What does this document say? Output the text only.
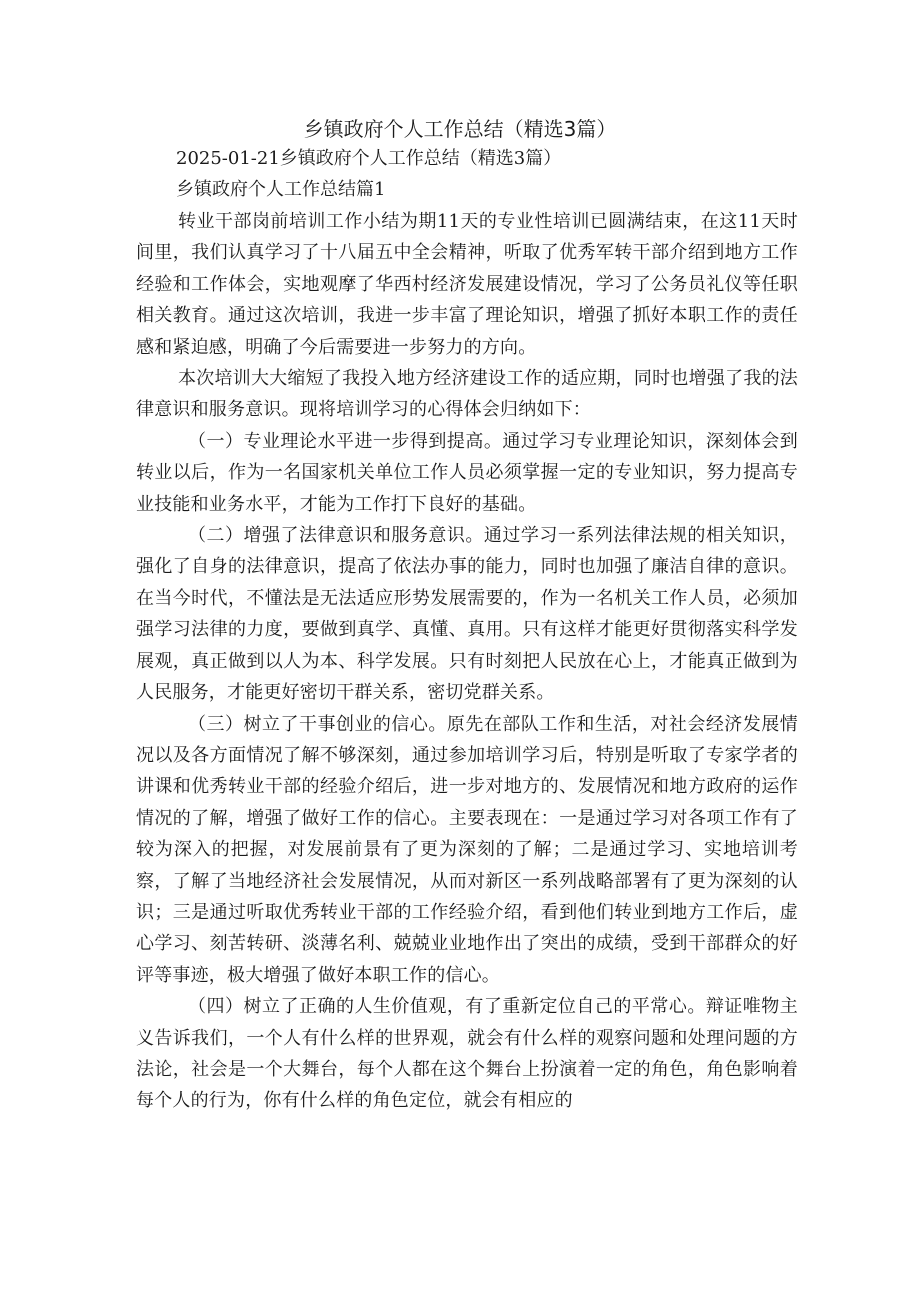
乡镇政府个人工作总结（精选3篇）
2025-01-21乡镇政府个人工作总结（精选3篇）
乡镇政府个人工作总结篇1

转业干部岗前培训工作小结为期11天的专业性培训已圆满结束，在这11天时间里，我们认真学习了十八届五中全会精神，听取了优秀军转干部介绍到地方工作经验和工作体会，实地观摩了华西村经济发展建设情况，学习了公务员礼仪等任职相关教育。通过这次培训，我进一步丰富了理论知识，增强了抓好本职工作的责任感和紧迫感，明确了今后需要进一步努力的方向。

本次培训大大缩短了我投入地方经济建设工作的适应期，同时也增强了我的法律意识和服务意识。现将培训学习的心得体会归纳如下：

（一）专业理论水平进一步得到提高。通过学习专业理论知识，深刻体会到转业以后，作为一名国家机关单位工作人员必须掌握一定的专业知识，努力提高专业技能和业务水平，才能为工作打下良好的基础。

（二）增强了法律意识和服务意识。通过学习一系列法律法规的相关知识，强化了自身的法律意识，提高了依法办事的能力，同时也加强了廉洁自律的意识。在当今时代，不懂法是无法适应形势发展需要的，作为一名机关工作人员，必须加强学习法律的力度，要做到真学、真懂、真用。只有这样才能更好贯彻落实科学发展观，真正做到以人为本、科学发展。只有时刻把人民放在心上，才能真正做到为人民服务，才能更好密切干群关系，密切党群关系。

（三）树立了干事创业的信心。原先在部队工作和生活，对社会经济发展情况以及各方面情况了解不够深刻，通过参加培训学习后，特别是听取了专家学者的讲课和优秀转业干部的经验介绍后，进一步对地方的、发展情况和地方政府的运作情况的了解，增强了做好工作的信心。主要表现在：一是通过学习对各项工作有了较为深入的把握，对发展前景有了更为深刻的了解；二是通过学习、实地培训考察，了解了当地经济社会发展情况，从而对新区一系列战略部署有了更为深刻的认识；三是通过听取优秀转业干部的工作经验介绍，看到他们转业到地方工作后，虚心学习、刻苦转研、淡薄名利、兢兢业业地作出了突出的成绩，受到干部群众的好评等事迹，极大增强了做好本职工作的信心。

（四）树立了正确的人生价值观，有了重新定位自己的平常心。辩证唯物主义告诉我们，一个人有什么样的世界观，就会有什么样的观察问题和处理问题的方法论，社会是一个大舞台，每个人都在这个舞台上扮演着一定的角色，角色影响着每个人的行为，你有什么样的角色定位，就会有相应的
